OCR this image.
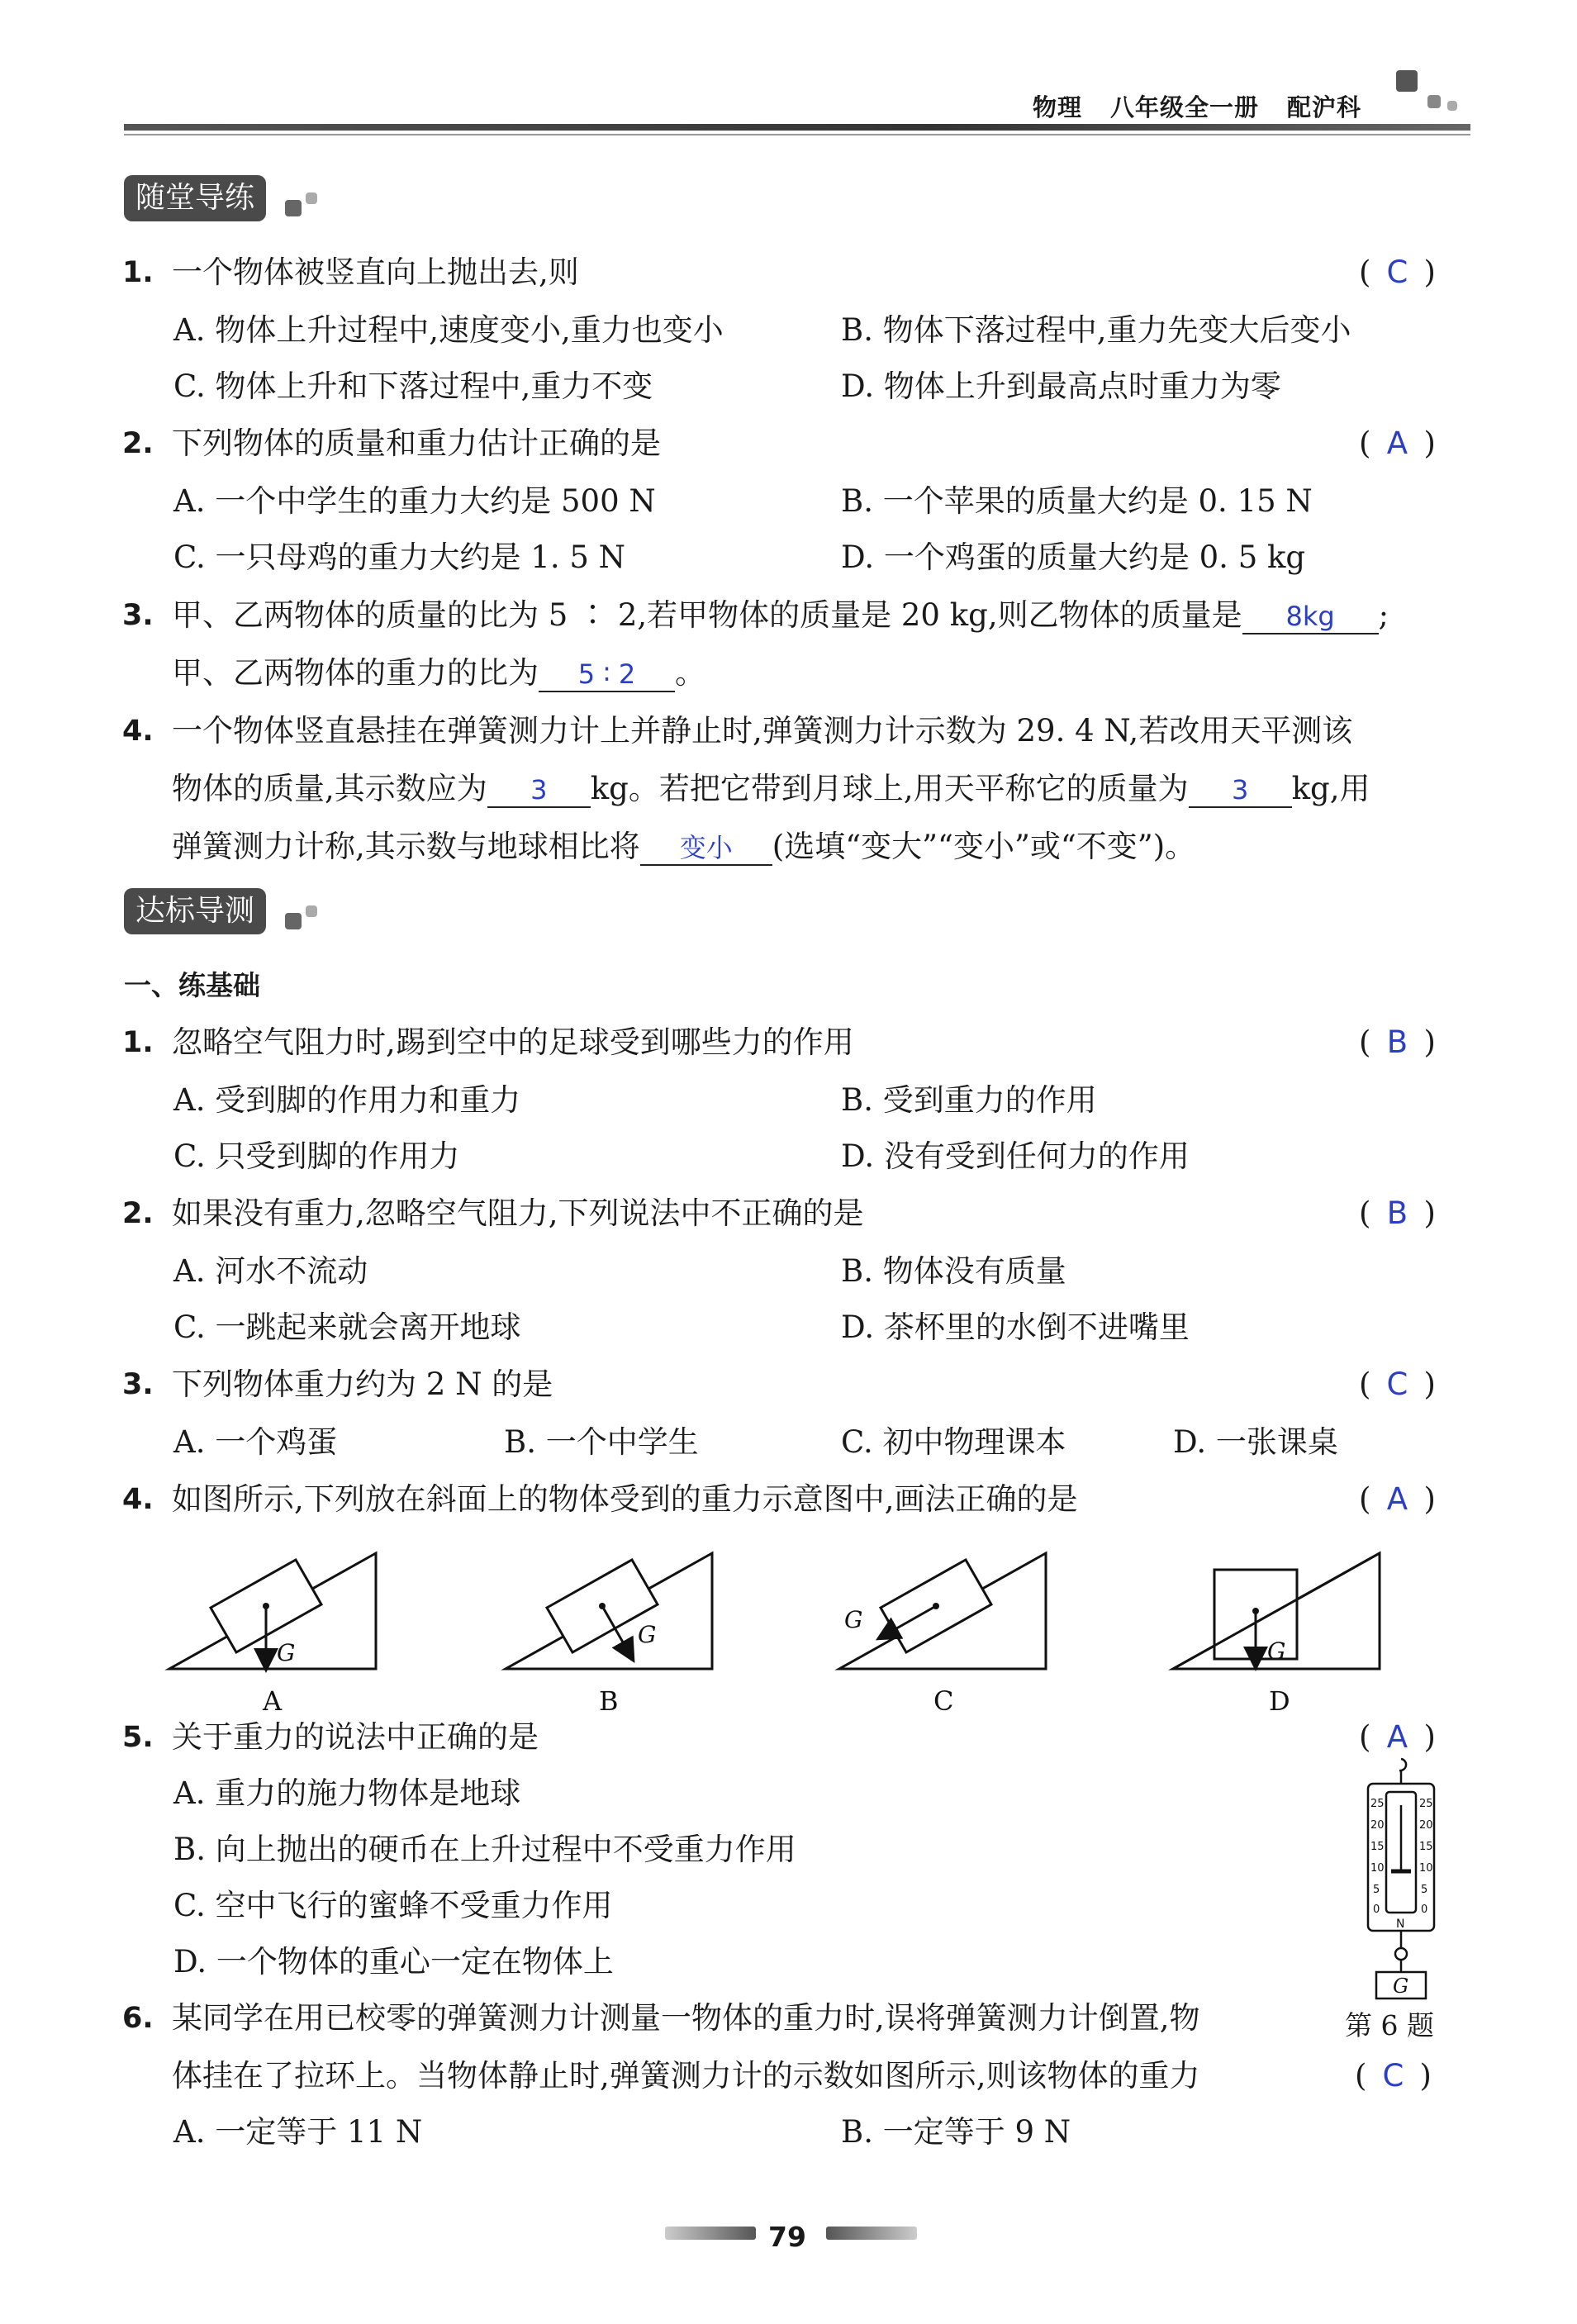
物理 八年级全一册 配沪科
随堂导练
1. 一个物体被竖直向上抛出去,则	( C )
A. 物体上升过程中,速度变小,重力也变小	B. 物体下落过程中,重力先变大后变小
C. 物体上升和下落过程中,重力不变	D. 物体上升到最高点时重力为零
2. 下列物体的质量和重力估计正确的是	( A )
A. 一个中学生的重力大约是 500 N	B. 一个苹果的质量大约是 0. 15 N
C. 一只母鸡的重力大约是 1. 5 N	D. 一个鸡蛋的质量大约是 0. 5 kg
3. 甲、乙两物体的质量的比为 5 ∶ 2,若甲物体的质量是 20 kg,则乙物体的质量是 8kg ;
甲、乙两物体的重力的比为 5 ∶ 2 。
4. 一个物体竖直悬挂在弹簧测力计上并静止时,弹簧测力计示数为 29. 4 N,若改用天平测该
物体的质量,其示数应为 3 kg。若把它带到月球上,用天平称它的质量为 3 kg,用
弹簧测力计称,其示数与地球相比将 变小 (选填“变大”“变小”或“不变”)。
达标导测
一、练基础
1. 忽略空气阻力时,踢到空中的足球受到哪些力的作用	( B )
A. 受到脚的作用力和重力	B. 受到重力的作用
C. 只受到脚的作用力	D. 没有受到任何力的作用
2. 如果没有重力,忽略空气阻力,下列说法中不正确的是	( B )
A. 河水不流动	B. 物体没有质量
C. 一跳起来就会离开地球	D. 茶杯里的水倒不进嘴里
3. 下列物体重力约为 2 N 的是	( C )
A. 一个鸡蛋	B. 一个中学生	C. 初中物理课本	D. 一张课桌
4. 如图所示,下列放在斜面上的物体受到的重力示意图中,画法正确的是	( A )
G
A
G
B
G
C
G
D
5. 关于重力的说法中正确的是	( A )
A. 重力的施力物体是地球
B. 向上抛出的硬币在上升过程中不受重力作用
C. 空中飞行的蜜蜂不受重力作用
D. 一个物体的重心一定在物体上
25
20
15
10
5
0
25
20
15
10
5
0
N
G
第 6 题
6. 某同学在用已校零的弹簧测力计测量一物体的重力时,误将弹簧测力计倒置,物
体挂在了拉环上。当物体静止时,弹簧测力计的示数如图所示,则该物体的重力	( C )
A. 一定等于 11 N	B. 一定等于 9 N
79
